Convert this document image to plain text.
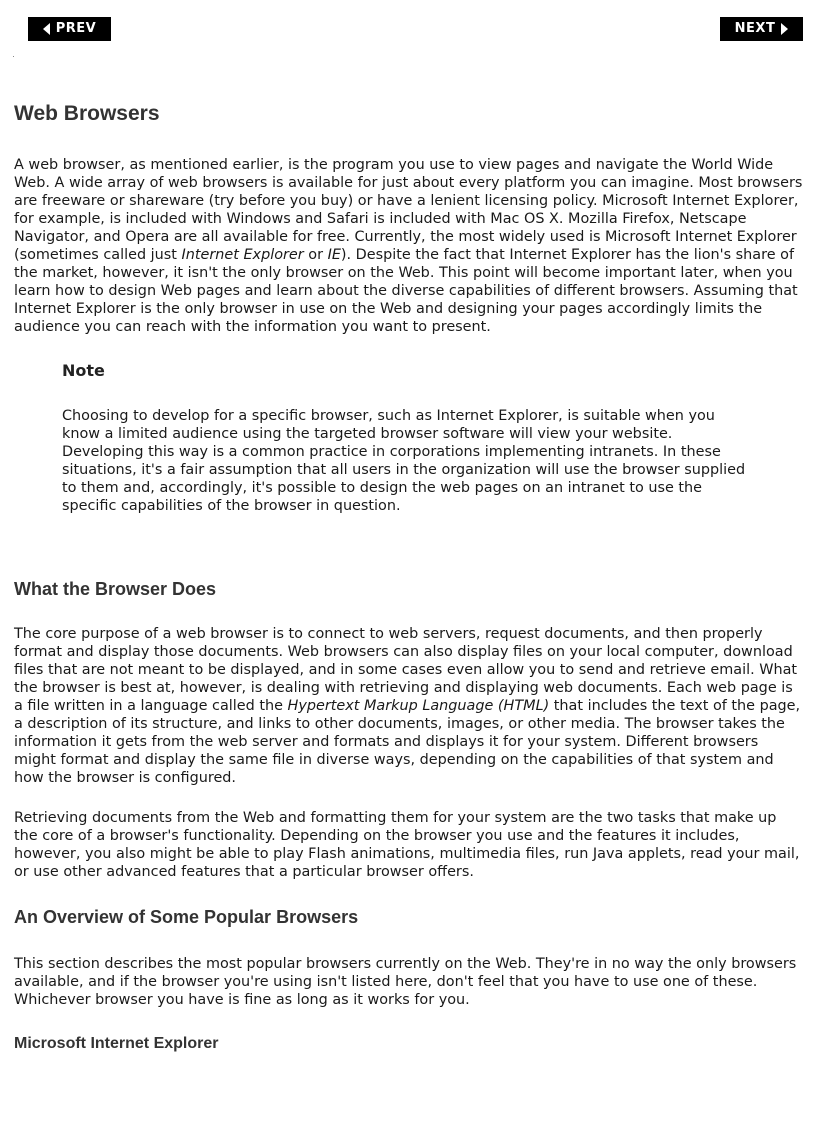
PREV	NEXT
Web Browsers

A web browser, as mentioned earlier, is the program you use to view pages and navigate the World Wide Web. A wide array of web browsers is available for just about every platform you can imagine. Most browsers are freeware or shareware (try before you buy) or have a lenient licensing policy. Microsoft Internet Explorer, for example, is included with Windows and Safari is included with Mac OS X. Mozilla Firefox, Netscape Navigator, and Opera are all available for free. Currently, the most widely used is Microsoft Internet Explorer (sometimes called just Internet Explorer or IE). Despite the fact that Internet Explorer has the lion's share of the market, however, it isn't the only browser on the Web. This point will become important later, when you learn how to design Web pages and learn about the diverse capabilities of different browsers. Assuming that Internet Explorer is the only browser in use on the Web and designing your pages accordingly limits the audience you can reach with the information you want to present.

Note

Choosing to develop for a specific browser, such as Internet Explorer, is suitable when you know a limited audience using the targeted browser software will view your website. Developing this way is a common practice in corporations implementing intranets. In these situations, it's a fair assumption that all users in the organization will use the browser supplied to them and, accordingly, it's possible to design the web pages on an intranet to use the specific capabilities of the browser in question.

What the Browser Does

The core purpose of a web browser is to connect to web servers, request documents, and then properly format and display those documents. Web browsers can also display files on your local computer, download files that are not meant to be displayed, and in some cases even allow you to send and retrieve email. What the browser is best at, however, is dealing with retrieving and displaying web documents. Each web page is a file written in a language called the Hypertext Markup Language (HTML) that includes the text of the page, a description of its structure, and links to other documents, images, or other media. The browser takes the information it gets from the web server and formats and displays it for your system. Different browsers might format and display the same file in diverse ways, depending on the capabilities of that system and how the browser is configured.

Retrieving documents from the Web and formatting them for your system are the two tasks that make up the core of a browser's functionality. Depending on the browser you use and the features it includes, however, you also might be able to play Flash animations, multimedia files, run Java applets, read your mail, or use other advanced features that a particular browser offers.

An Overview of Some Popular Browsers

This section describes the most popular browsers currently on the Web. They're in no way the only browsers available, and if the browser you're using isn't listed here, don't feel that you have to use one of these. Whichever browser you have is fine as long as it works for you.

Microsoft Internet Explorer
